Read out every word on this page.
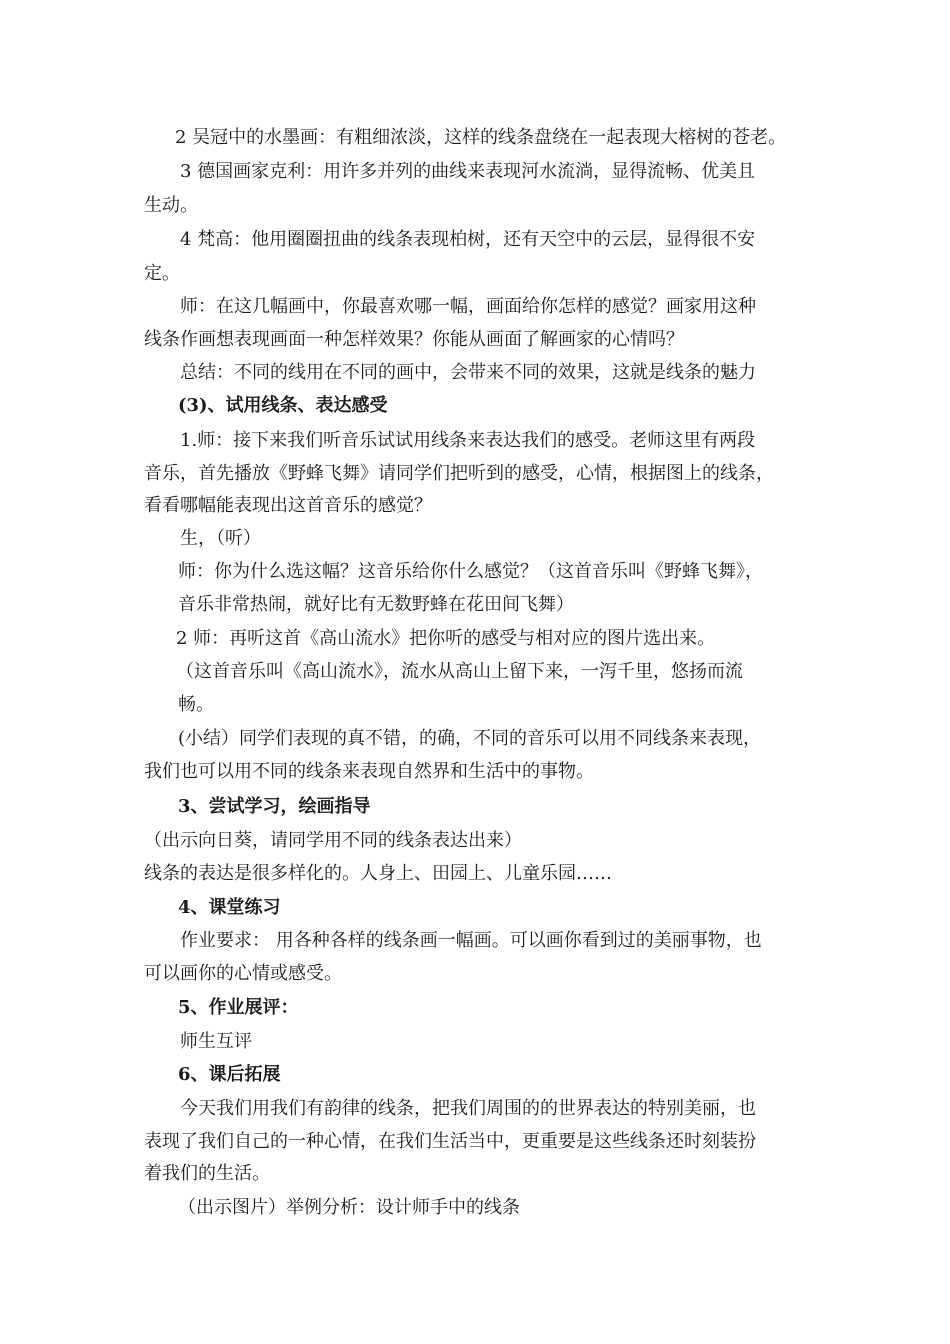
2 吴冠中的水墨画：有粗细浓淡，这样的线条盘绕在一起表现大榕树的苍老。
3 德国画家克利：用许多并列的曲线来表现河水流淌，显得流畅、优美且
生动。
4 梵高：他用圈圈扭曲的线条表现柏树，还有天空中的云层，显得很不安
定。
师：在这几幅画中，你最喜欢哪一幅，画面给你怎样的感觉？画家用这种
线条作画想表现画面一种怎样效果？你能从画面了解画家的心情吗？
总结：不同的线用在不同的画中，会带来不同的效果，这就是线条的魅力
(3)、试用线条、表达感受
1.师：接下来我们听音乐试试用线条来表达我们的感受。老师这里有两段
音乐，首先播放《野蜂飞舞》请同学们把听到的感受，心情，根据图上的线条，
看看哪幅能表现出这首音乐的感觉？
生，（听）
师：你为什么选这幅？这音乐给你什么感觉？（这首音乐叫《野蜂飞舞》，
音乐非常热闹，就好比有无数野蜂在花田间飞舞）
2 师：再听这首《高山流水》把你听的感受与相对应的图片选出来。
（这首音乐叫《高山流水》，流水从高山上留下来，一泻千里，悠扬而流
畅。
(小结）同学们表现的真不错，的确，不同的音乐可以用不同线条来表现，
我们也可以用不同的线条来表现自然界和生活中的事物。
3、尝试学习，绘画指导
（出示向日葵，请同学用不同的线条表达出来）
线条的表达是很多样化的。人身上、田园上、儿童乐园……
4、课堂练习
作业要求： 用各种各样的线条画一幅画。可以画你看到过的美丽事物，也
可以画你的心情或感受。
5、作业展评：
师生互评
6、课后拓展
今天我们用我们有韵律的线条，把我们周围的的世界表达的特别美丽，也
表现了我们自己的一种心情，在我们生活当中，更重要是这些线条还时刻装扮
着我们的生活。
（出示图片）举例分析：设计师手中的线条
